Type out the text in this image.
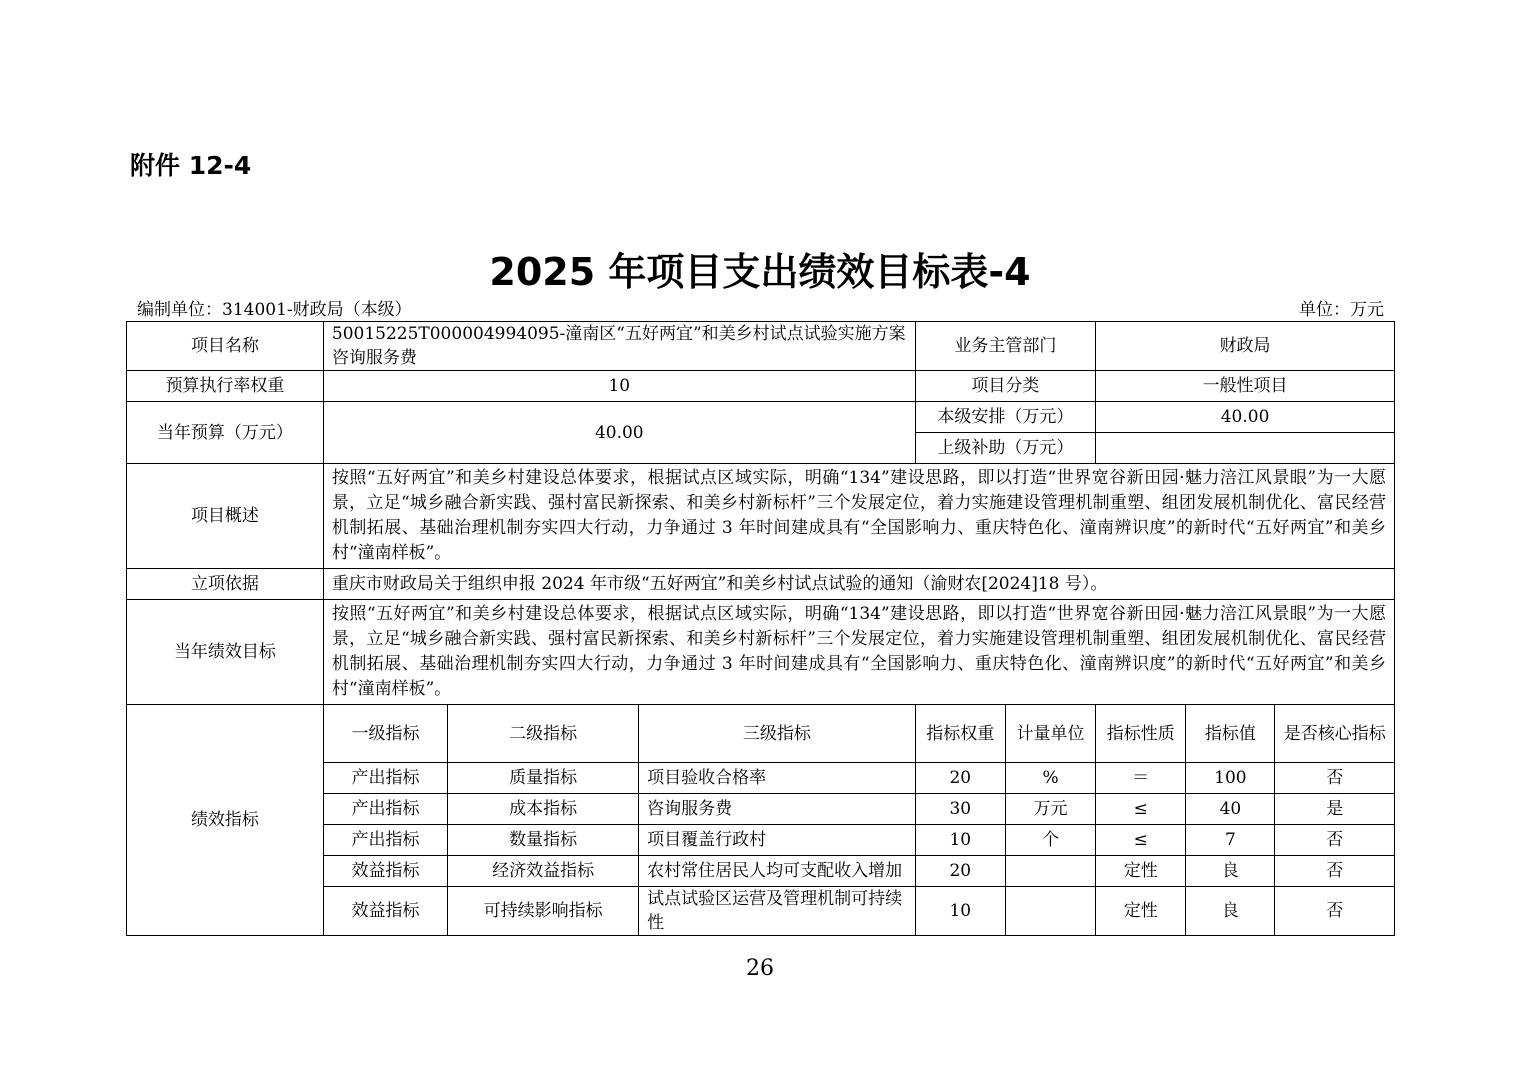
附件 12-4
2025 年项目支出绩效目标表-4
编制单位：314001-财政局（本级）	单位：万元
项目名称	50015225T000004994095-潼南区“五好两宜”和美乡村试点试验实施方案咨询服务费			业务主管部门		财政局		
预算执行率权重	10			项目分类		一般性项目		
当年预算（万元）	40.00			本级安排（万元）		40.00		
				上级补助（万元）				
项目概述	按照“五好两宜”和美乡村建设总体要求，根据试点区域实际，明确“134”建设思路，即以打造“世界宽谷新田园·魅力涪江风景眼”为一大愿景，立足“城乡融合新实践、强村富民新探索、和美乡村新标杆”三个发展定位，着力实施建设管理机制重塑、组团发展机制优化、富民经营机制拓展、基础治理机制夯实四大行动，力争通过 3 年时间建成具有“全国影响力、重庆特色化、潼南辨识度”的新时代“五好两宜”和美乡村“潼南样板”。							
立项依据	重庆市财政局关于组织申报 2024 年市级“五好两宜”和美乡村试点试验的通知（渝财农[2024]18 号）。							
当年绩效目标	按照“五好两宜”和美乡村建设总体要求，根据试点区域实际，明确“134”建设思路，即以打造“世界宽谷新田园·魅力涪江风景眼”为一大愿景，立足“城乡融合新实践、强村富民新探索、和美乡村新标杆”三个发展定位，着力实施建设管理机制重塑、组团发展机制优化、富民经营机制拓展、基础治理机制夯实四大行动，力争通过 3 年时间建成具有“全国影响力、重庆特色化、潼南辨识度”的新时代“五好两宜”和美乡村“潼南样板”。							
绩效指标	一级指标	二级指标	三级指标	指标权重	计量单位	指标性质	指标值	是否核心指标
	产出指标	质量指标	项目验收合格率	20	%	＝	100	否
	产出指标	成本指标	咨询服务费	30	万元	≤	40	是
	产出指标	数量指标	项目覆盖行政村	10	个	≤	7	否
	效益指标	经济效益指标	农村常住居民人均可支配收入增加	20		定性	良	否
	效益指标	可持续影响指标	试点试验区运营及管理机制可持续性	10		定性	良	否
26
